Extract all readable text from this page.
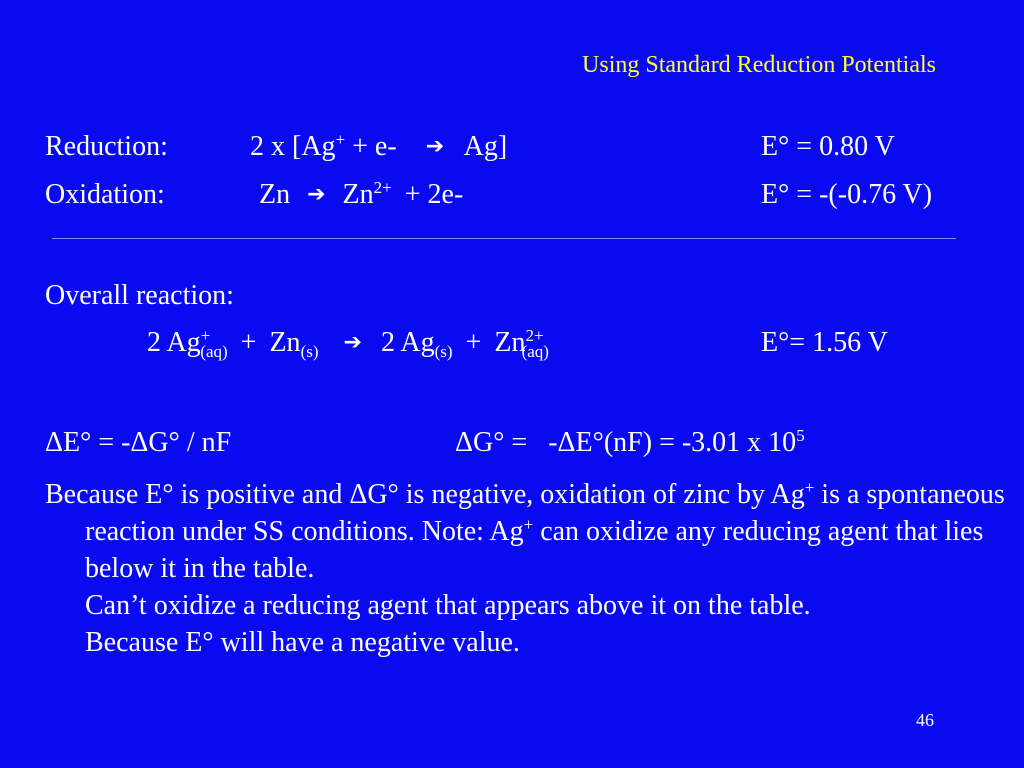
Using Standard Reduction Potentials
Reduction:	2 x [Ag+ + e- ➔ Ag]	E° = 0.80 V
Oxidation:	Zn ➔ $Zn^{2+} + 2e-$	E° = -(-0.76 V)
Overall reaction:
2 $Ag^+_{(aq)} + Zn_{(s)}$ ➔ 2 $Ag_{(s)} + Zn^{2+}_{(aq)}$	E°= 1.56 V
ΔE° = -ΔG° / nF	ΔG° =   -ΔE°(nF) = -3.01 x $10^5$
Because E° is positive and ΔG° is negative, oxidation of zinc by Ag+ is a spontaneous reaction under SS conditions. Note: Ag+ can oxidize any reducing agent that lies below it in the table.
Can’t oxidize a reducing agent that appears above it on the table.
Because E° will have a negative value.
46
